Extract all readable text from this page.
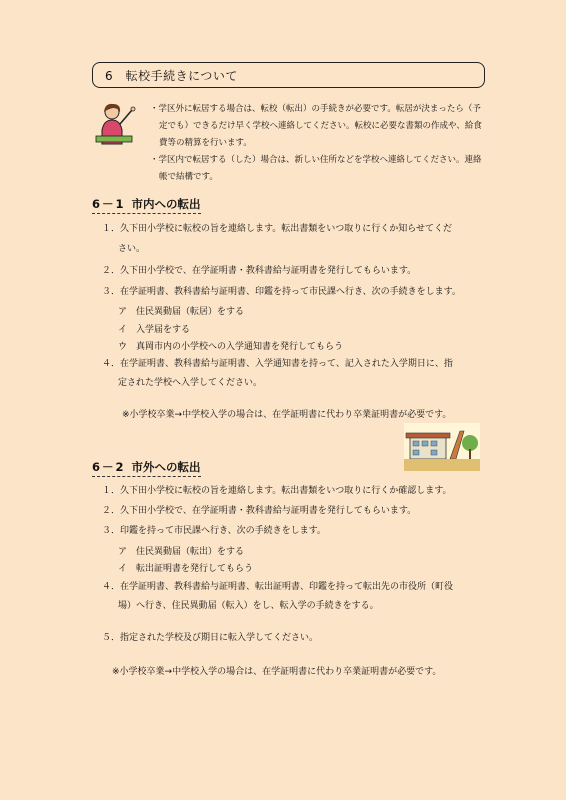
6　転校手続きについて

・学区外に転居する場合は、転校（転出）の手続きが必要です。転居が決まったら（予

定でも）できるだけ早く学校へ連絡してください。転校に必要な書類の作成や、給食

費等の精算を行います。

・学区内で転居する（した）場合は、新しい住所などを学校へ連絡してください。連絡

帳で結構です。

6－1 市内への転出
１．久下田小学校に転校の旨を連絡します。転出書類をいつ取りに行くか知らせてくだ
さい。
２．久下田小学校で、在学証明書・教科書給与証明書を発行してもらいます。
３．在学証明書、教科書給与証明書、印鑑を持って市民課へ行き、次の手続きをします。
ア　住民異動届（転居）をする
イ　入学届をする
ウ　真岡市内の小学校への入学通知書を発行してもらう
４．在学証明書、教科書給与証明書、入学通知書を持って、記入された入学期日に、指
定された学校へ入学してください。
※小学校卒業→中学校入学の場合は、在学証明書に代わり卒業証明書が必要です。
6－2 市外への転出
１．久下田小学校に転校の旨を連絡します。転出書類をいつ取りに行くか確認します。
２．久下田小学校で、在学証明書・教科書給与証明書を発行してもらいます。
３．印鑑を持って市民課へ行き、次の手続きをします。
ア　住民異動届（転出）をする
イ　転出証明書を発行してもらう
４．在学証明書、教科書給与証明書、転出証明書、印鑑を持って転出先の市役所（町役
場）へ行き、住民異動届（転入）をし、転入学の手続きをする。
５．指定された学校及び期日に転入学してください。
※小学校卒業→中学校入学の場合は、在学証明書に代わり卒業証明書が必要です。
